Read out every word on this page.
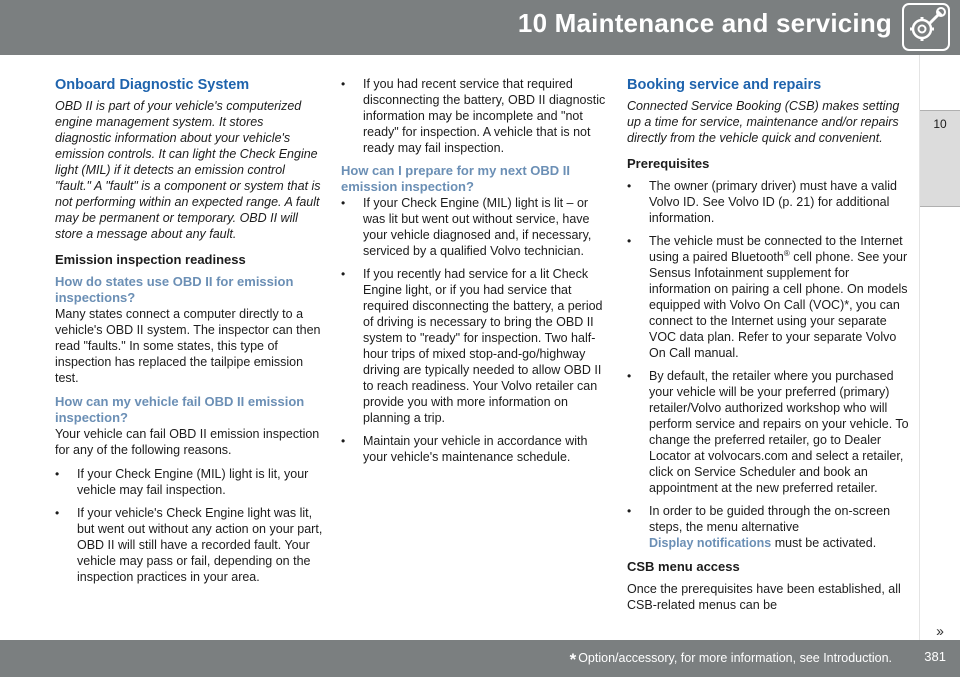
10 Maintenance and servicing
10
Onboard Diagnostic System

OBD II is part of your vehicle's computerized engine management system. It stores diagnostic information about your vehicle's emission controls. It can light the Check Engine light (MIL) if it detects an emission control "fault." A "fault" is a component or system that is not performing within an expected range. A fault may be permanent or temporary. OBD II will store a message about any fault.

Emission inspection readiness
How do states use OBD II for emission inspections?

Many states connect a computer directly to a vehicle's OBD II system. The inspector can then read "faults." In some states, this type of inspection has replaced the tailpipe emission test.

How can my vehicle fail OBD II emission inspection?

Your vehicle can fail OBD II emission inspection for any of the following reasons.

• If your Check Engine (MIL) light is lit, your vehicle may fail inspection.
• If your vehicle's Check Engine light was lit, but went out without any action on your part, OBD II will still have a recorded fault. Your vehicle may pass or fail, depending on the inspection practices in your area.
• If you had recent service that required disconnecting the battery, OBD II diagnostic information may be incomplete and "not ready" for inspection. A vehicle that is not ready may fail inspection.
How can I prepare for my next OBD II emission inspection?
• If your Check Engine (MIL) light is lit – or was lit but went out without service, have your vehicle diagnosed and, if necessary, serviced by a qualified Volvo technician.
• If you recently had service for a lit Check Engine light, or if you had service that required disconnecting the battery, a period of driving is necessary to bring the OBD II system to "ready" for inspection. Two half-hour trips of mixed stop-and-go/highway driving are typically needed to allow OBD II to reach readiness. Your Volvo retailer can provide you with more information on planning a trip.
• Maintain your vehicle in accordance with your vehicle's maintenance schedule.
Booking service and repairs

Connected Service Booking (CSB) makes setting up a time for service, maintenance and/or repairs directly from the vehicle quick and convenient.

Prerequisites
• The owner (primary driver) must have a valid Volvo ID. See Volvo ID (p. 21) for additional information.
• The vehicle must be connected to the Internet using a paired Bluetooth® cell phone. See your Sensus Infotainment supplement for information on pairing a cell phone. On models equipped with Volvo On Call (VOC)*, you can connect to the Internet using your separate VOC data plan. Refer to your separate Volvo On Call manual.
• By default, the retailer where you purchased your vehicle will be your preferred (primary) retailer/Volvo authorized workshop who will perform service and repairs on your vehicle. To change the preferred retailer, go to Dealer Locator at volvocars.com and select a retailer, click on Service Scheduler and book an appointment at the new preferred retailer.
• In order to be guided through the on-screen steps, the menu alternative
Display notifications must be activated.
CSB menu access

Once the prerequisites have been established, all CSB-related menus can be

››
* Option/accessory, for more information, see Introduction. 381
